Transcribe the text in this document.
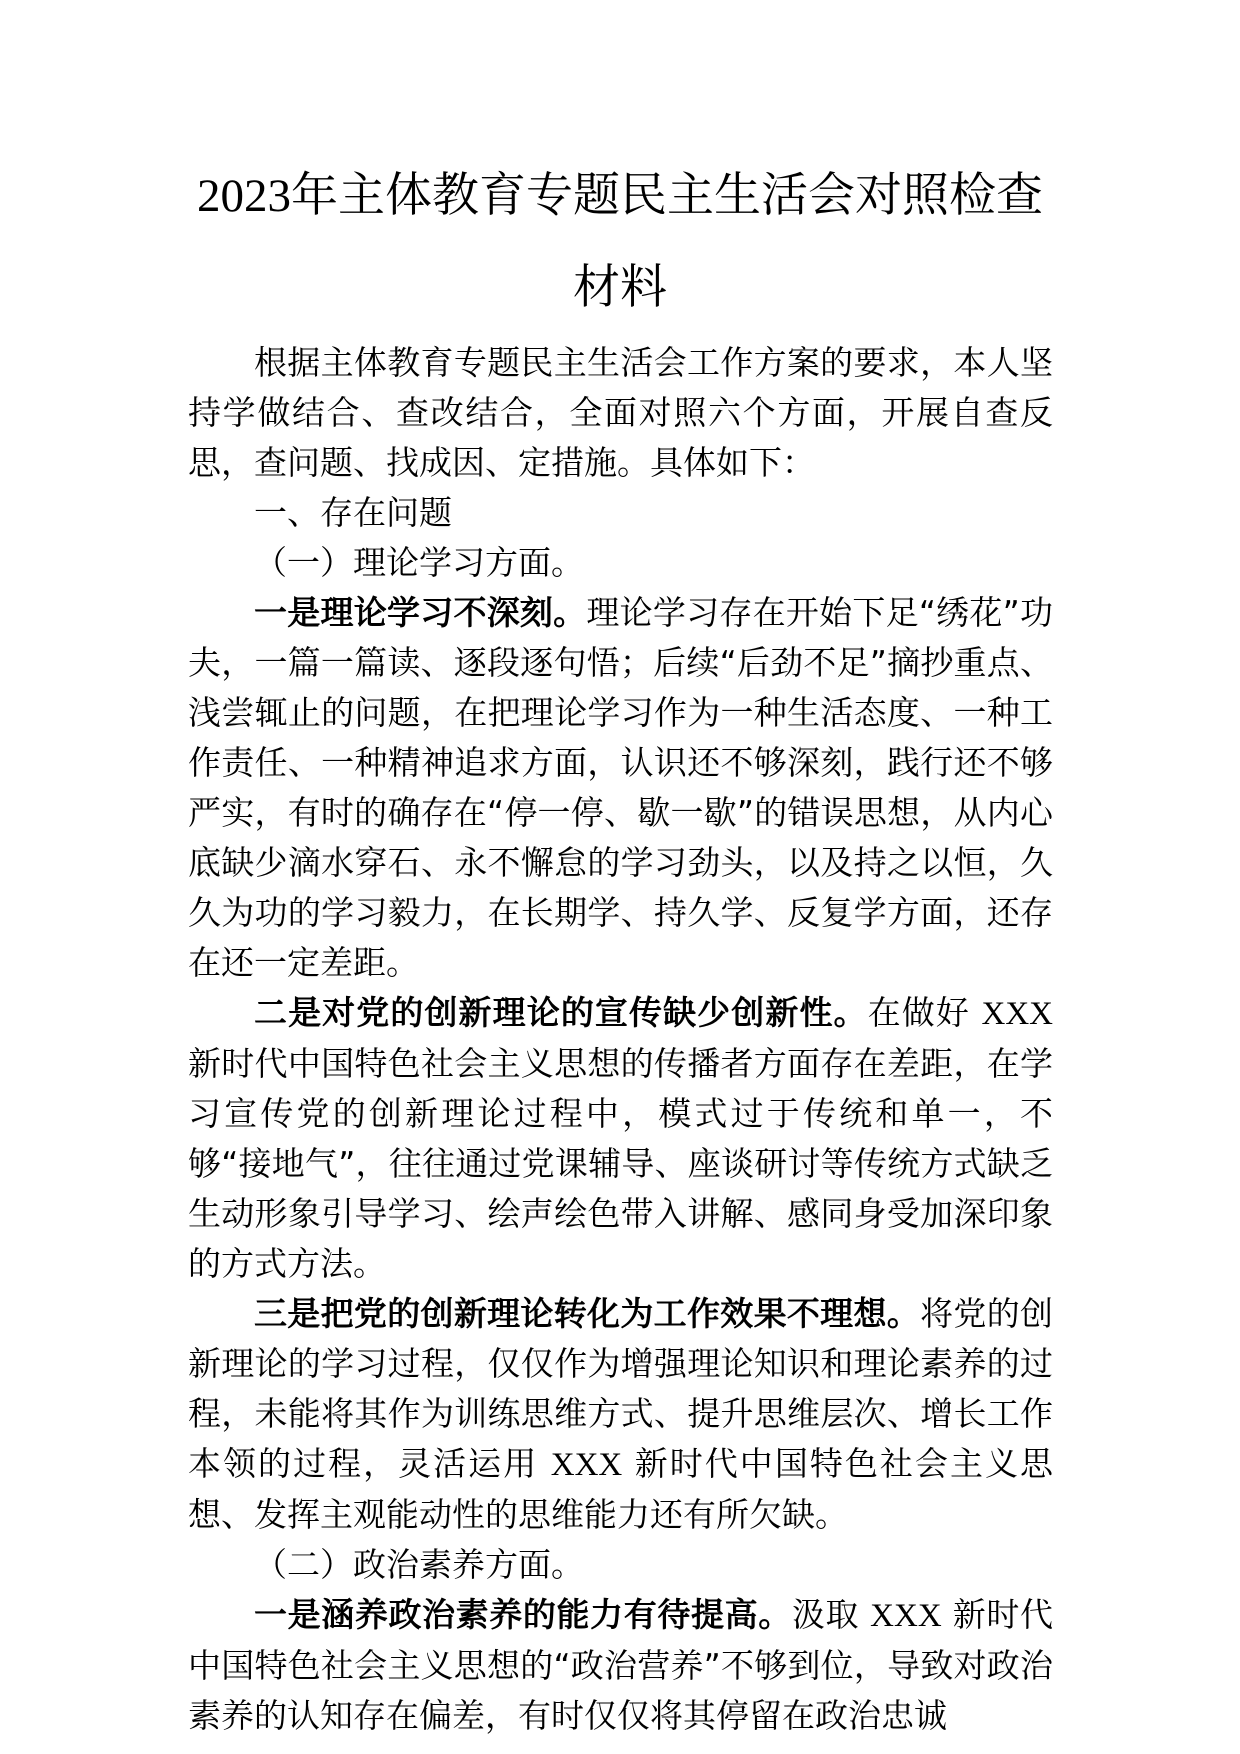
2023年主体教育专题民主生活会对照检查
材料

根据主体教育专题民主生活会工作方案的要求，本人坚持学做结合、查改结合，全面对照六个方面，开展自查反思，查问题、找成因、定措施。具体如下：

一、存在问题

（一）理论学习方面。

一是理论学习不深刻。理论学习存在开始下足“绣花”功夫，一篇一篇读、逐段逐句悟；后续“后劲不足”摘抄重点、浅尝辄止的问题，在把理论学习作为一种生活态度、一种工作责任、一种精神追求方面，认识还不够深刻，践行还不够严实，有时的确存在“停一停、歇一歇”的错误思想，从内心底缺少滴水穿石、永不懈怠的学习劲头，以及持之以恒，久久为功的学习毅力，在长期学、持久学、反复学方面，还存在还一定差距。

二是对党的创新理论的宣传缺少创新性。在做好 XXX新时代中国特色社会主义思想的传播者方面存在差距，在学习宣传党的创新理论过程中，模式过于传统和单一，不够“接地气”，往往通过党课辅导、座谈研讨等传统方式缺乏生动形象引导学习、绘声绘色带入讲解、感同身受加深印象的方式方法。

三是把党的创新理论转化为工作效果不理想。将党的创新理论的学习过程，仅仅作为增强理论知识和理论素养的过程，未能将其作为训练思维方式、提升思维层次、增长工作本领的过程，灵活运用 XXX 新时代中国特色社会主义思想、发挥主观能动性的思维能力还有所欠缺。

（二）政治素养方面。

一是涵养政治素养的能力有待提高。汲取 XXX 新时代中国特色社会主义思想的“政治营养”不够到位，导致对政治素养的认知存在偏差，有时仅仅将其停留在政治忠诚
